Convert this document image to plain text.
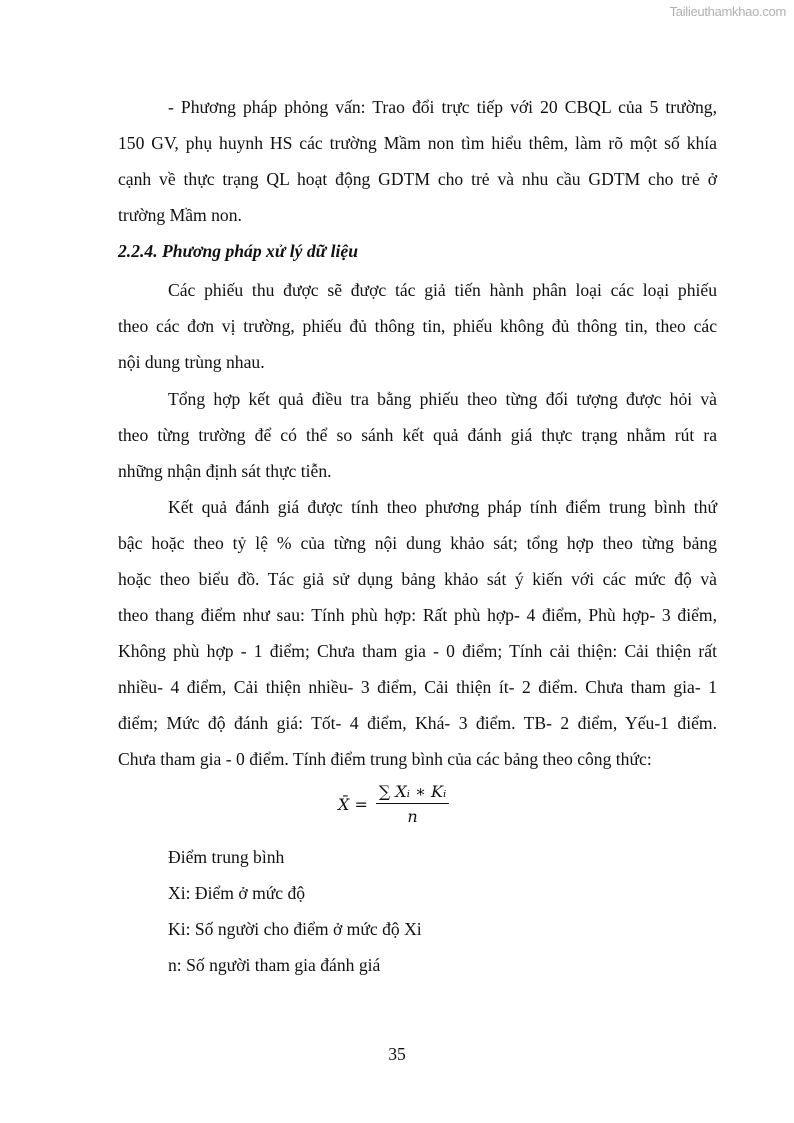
Tailieuthamkhao.com
- Phương pháp phỏng vấn: Trao đổi trực tiếp với 20 CBQL của 5 trường,
150 GV, phụ huynh HS các trường Mầm non tìm hiểu thêm, làm rõ một số khía
cạnh về thực trạng QL hoạt động GDTM cho trẻ và nhu cầu GDTM cho trẻ ở
trường Mầm non.
2.2.4. Phương pháp xử lý dữ liệu
Các phiếu thu được sẽ được tác giả tiến hành phân loại các loại phiếu
theo các đơn vị trường, phiếu đủ thông tin, phiếu không đủ thông tin, theo các
nội dung trùng nhau.
Tổng hợp kết quả điều tra bằng phiếu theo từng đối tượng được hỏi và
theo từng trường để có thể so sánh kết quả đánh giá thực trạng nhằm rút ra
những nhận định sát thực tiễn.
Kết quả đánh giá được tính theo phương pháp tính điểm trung bình thứ
bậc hoặc theo tỷ lệ % của từng nội dung khảo sát; tổng hợp theo từng bảng
hoặc theo biểu đồ. Tác giả sử dụng bảng khảo sát ý kiến với các mức độ và
theo thang điểm như sau: Tính phù hợp: Rất phù hợp- 4 điểm, Phù hợp- 3 điểm,
Không phù hợp - 1 điểm; Chưa tham gia - 0 điểm; Tính cải thiện: Cải thiện rất
nhiều- 4 điểm, Cải thiện nhiều- 3 điểm, Cải thiện ít- 2 điểm. Chưa tham gia- 1
điểm; Mức độ đánh giá: Tốt- 4 điểm, Khá- 3 điểm. TB- 2 điểm, Yếu-1 điểm.
Chưa tham gia - 0 điểm. Tính điểm trung bình của các bảng theo công thức:
X̄ = $\frac{\text{∑ Xᵢ ∗ Kᵢ}}{n}$
Điểm trung bình
Xi: Điểm ở mức độ
Ki: Số người cho điểm ở mức độ Xi
n: Số người tham gia đánh giá
35
